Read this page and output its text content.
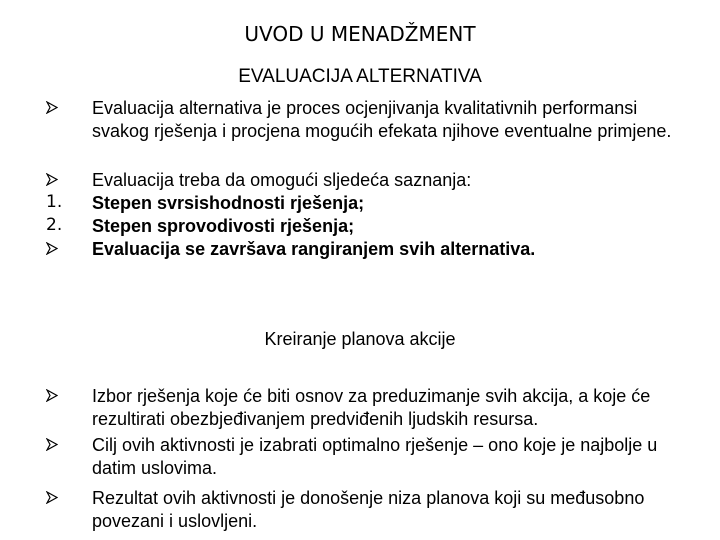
UVOD U MENADŽMENT
EVALUACIJA ALTERNATIVA
Evaluacija alternativa je proces ocjenjivanja kvalitativnih performansi svakog rješenja i procjena mogućih efekata njihove eventualne primjene.
Evaluacija treba da omogući sljedeća saznanja:
1.	Stepen svrsishodnosti rješenja;
2.	Stepen sprovodivosti rješenja;
Evaluacija se završava rangiranjem svih alternativa.
Kreiranje planova akcije
Izbor rješenja koje će biti osnov za preduzimanje svih akcija, a koje će rezultirati obezbjeđivanjem predviđenih ljudskih resursa.
Cilj ovih aktivnosti je izabrati optimalno rješenje – ono koje je najbolje u datim uslovima.
Rezultat ovih aktivnosti je donošenje niza planova koji su međusobno povezani i uslovljeni.
